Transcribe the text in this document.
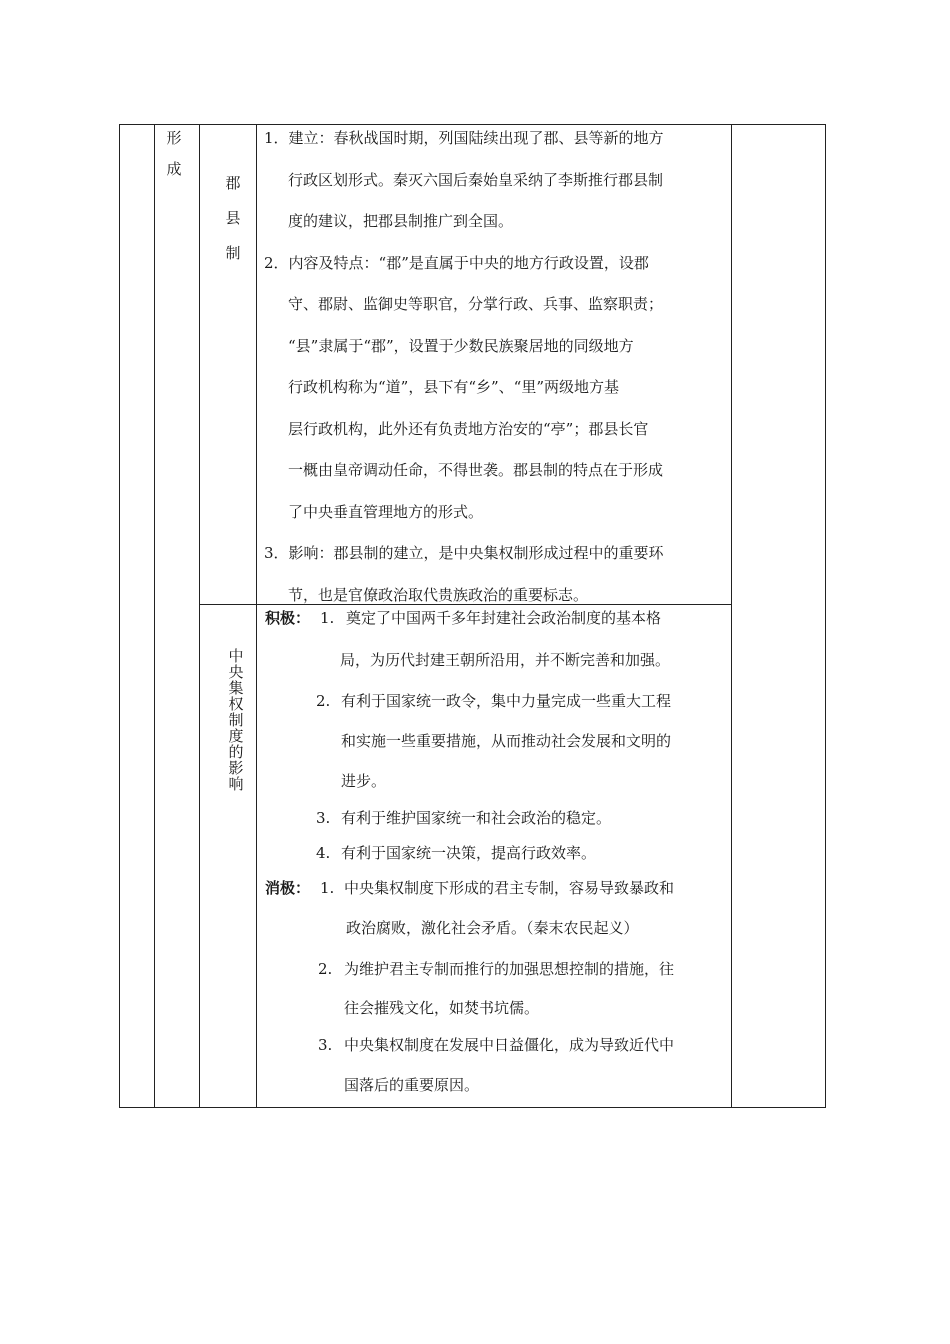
形
成
郡
县
制
中
央
集
权
制
度
的
影
响

1．建立：春秋战国时期，列国陆续出现了郡、县等新的地方

行政区划形式。秦灭六国后秦始皇采纳了李斯推行郡县制

度的建议，把郡县制推广到全国。

2．内容及特点：“郡”是直属于中央的地方行政设置，设郡

守、郡尉、监御史等职官，分掌行政、兵事、监察职责；

“县”隶属于“郡”，设置于少数民族聚居地的同级地方

行政机构称为“道”，县下有“乡”、“里”两级地方基

层行政机构，此外还有负责地方治安的“亭”；郡县长官

一概由皇帝调动任命，不得世袭。郡县制的特点在于形成

了中央垂直管理地方的形式。

3．影响：郡县制的建立，是中央集权制形成过程中的重要环

节，也是官僚政治取代贵族政治的重要标志。

积极： 1. 奠定了中国两千多年封建社会政治制度的基本格
局，为历代封建王朝所沿用，并不断完善和加强。
2. 有利于国家统一政令，集中力量完成一些重大工程
和实施一些重要措施，从而推动社会发展和文明的
进步。
3. 有利于维护国家统一和社会政治的稳定。
4. 有利于国家统一决策，提高行政效率。
消极： 1. 中央集权制度下形成的君主专制，容易导致暴政和
政治腐败，激化社会矛盾。（秦末农民起义）
2. 为维护君主专制而推行的加强思想控制的措施，往
往会摧残文化，如焚书坑儒。
3. 中央集权制度在发展中日益僵化，成为导致近代中
国落后的重要原因。
